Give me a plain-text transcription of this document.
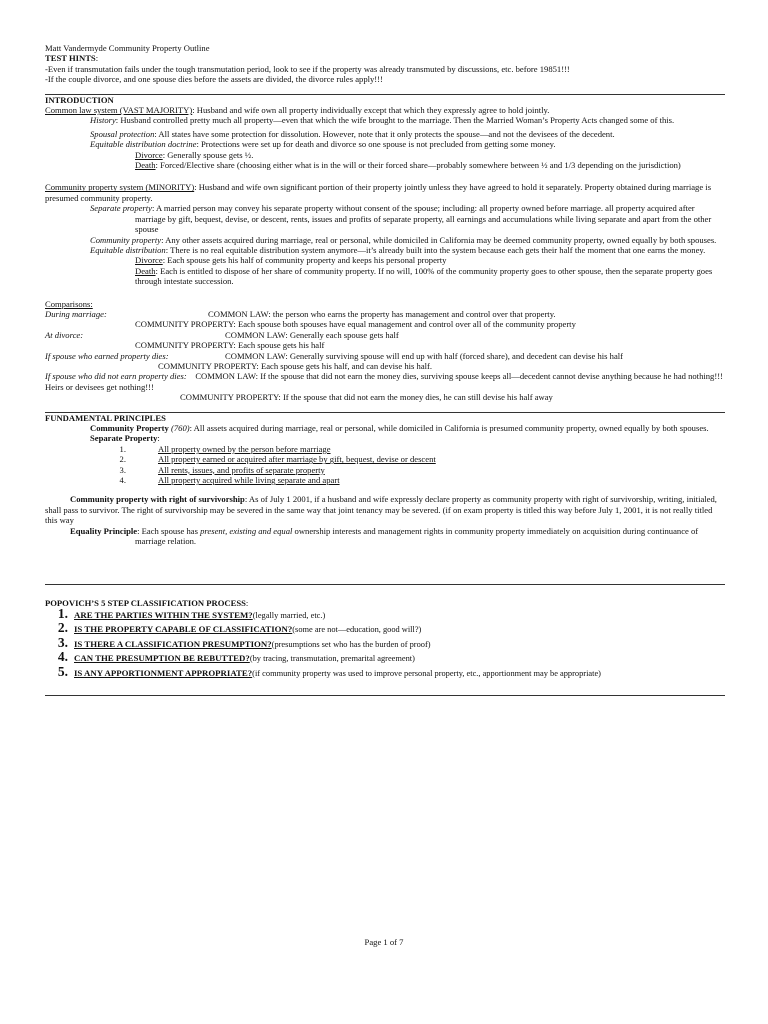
Matt Vandermyde Community Property Outline

TEST HINTS:

-Even if transmutation fails under the tough transmutation period, look to see if the property was already transmuted by discussions, etc. before 19851!!!

-If the couple divorce, and one spouse dies before the assets are divided, the divorce rules apply!!!

INTRODUCTION

Common law system (VAST MAJORITY): Husband and wife own all property individually except that which they expressly agree to hold jointly.

History: Husband controlled pretty much all property—even that which the wife brought to the marriage. Then the Married Woman’s Property Acts changed some of this.

Spousal protection: All states have some protection for dissolution. However, note that it only protects the spouse—and not the devisees of the decedent.

Equitable distribution doctrine: Protections were set up for death and divorce so one spouse is not precluded from getting some money.

Divorce: Generally spouse gets ½.

Death: Forced/Elective share (choosing either what is in the will or their forced share—probably somewhere between ½ and 1/3 depending on the jurisdiction)

Community property system (MINORITY): Husband and wife own significant portion of their property jointly unless they have agreed to hold it separately. Property obtained during marriage is presumed community property.

Separate property: A married person may convey his separate property without consent of the spouse; including: all property owned before marriage. all property acquired after marriage by gift, bequest, devise, or descent, rents, issues and profits of separate property, all earnings and accumulations while living separate and apart from the other spouse

Community property: Any other assets acquired during marriage, real or personal, while domiciled in California may be deemed community property, owned equally by both spouses.

Equitable distribution: There is no real equitable distribution system anymore—it’s already built into the system because each gets their half the moment that one earns the money.

Divorce: Each spouse gets his half of community property and keeps his personal property

Death: Each is entitled to dispose of her share of community property. If no will, 100% of the community property goes to other spouse, then the separate property goes through intestate succession.

Comparisons:

During marriage:	COMMON LAW: the person who earns the property has management and control over that property.

COMMUNITY PROPERTY: Each spouse both spouses have equal management and control over all of the community property

At divorce:	COMMON LAW: Generally each spouse gets half

COMMUNITY PROPERTY: Each spouse gets his half

If spouse who earned property dies:	COMMON LAW: Generally surviving spouse will end up with half (forced share), and decedent can devise his half

COMMUNITY PROPERTY: Each spouse gets his half, and can devise his half.

If spouse who did not earn property dies: COMMON LAW: If the spouse that did not earn the money dies, surviving spouse keeps all—decedent cannot devise anything because he had nothing!!! Heirs or devisees get nothing!!!

COMMUNITY PROPERTY: If the spouse that did not earn the money dies, he can still devise his half away

FUNDAMENTAL PRINCIPLES

Community Property (760): All assets acquired during marriage, real or personal, while domiciled in California is presumed community property, owned equally by both spouses.

Separate Property:

1.	All property owned by the person before marriage
2.	All property earned or acquired after marriage by gift, bequest, devise or descent
3.	All rents, issues, and profits of separate property
4.	All property acquired while living separate and apart

Community property with right of survivorship: As of July 1 2001, if a husband and wife expressly declare property as community property with right of survivorship, writing, initialed, shall pass to survivor. The right of survivorship may be severed in the same way that joint tenancy may be severed. (if on exam property is titled this way before July 1, 2001, it is not really titled this way

Equality Principle: Each spouse has present, existing and equal ownership interests and management rights in community property immediately on acquisition during continuance of marriage relation.

POPOVICH’S 5 STEP CLASSIFICATION PROCESS:

1. ARE THE PARTIES WITHIN THE SYSTEM? (legally married, etc.)
2. IS THE PROPERTY CAPABLE OF CLASSIFICATION? (some are not—education, good will?)
3. IS THERE A CLASSIFICATION PRESUMPTION? (presumptions set who has the burden of proof)
4. CAN THE PRESUMPTION BE REBUTTED? (by tracing, transmutation, premarital agreement)
5. IS ANY APPORTIONMENT APPROPRIATE? (if community property was used to improve personal property, etc., apportionment may be appropriate)
Page 1 of 7
